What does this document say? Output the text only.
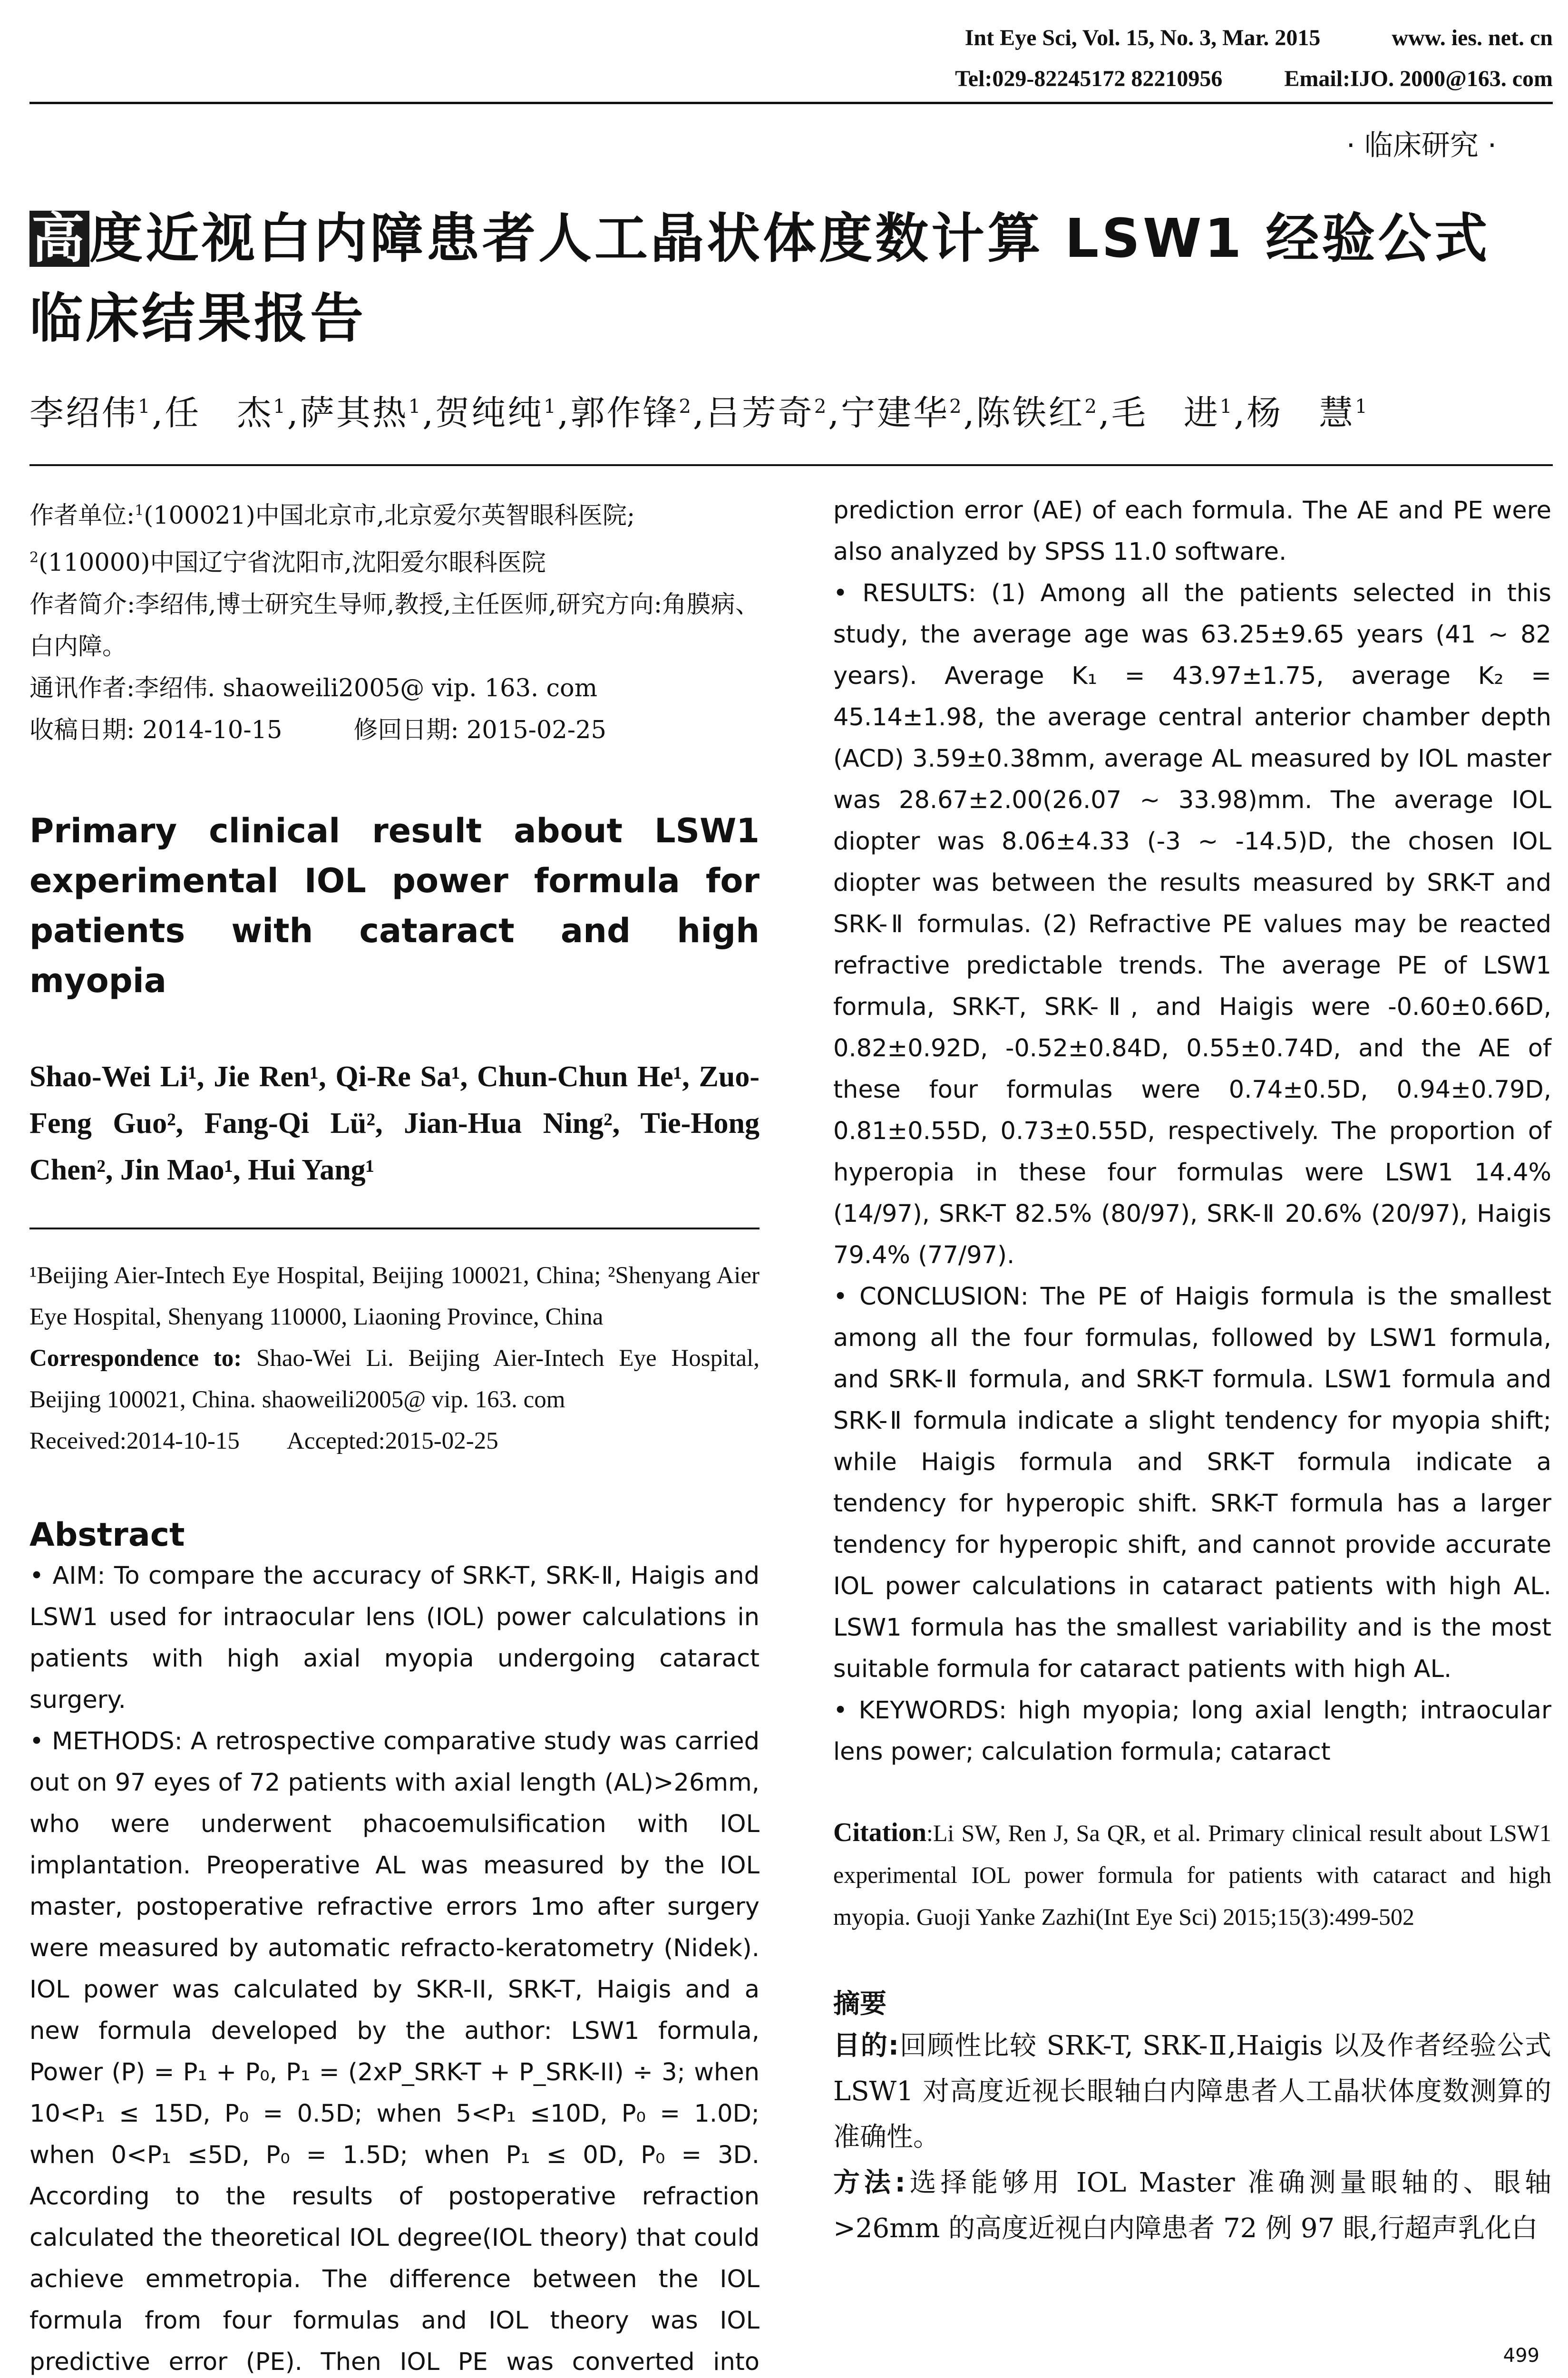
Int Eye Sci, Vol. 15, No. 3, Mar. 2015	www. ies. net. cn
Tel:029-82245172 82210956	Email:IJO. 2000@163. com
· 临床研究 ·
高度近视白内障患者人工晶状体度数计算 LSW1 经验公式临床结果报告
李绍伟$^1$,任　杰$^1$,萨其热$^1$,贺纯纯$^1$,郭作锋$^2$,吕芳奇$^2$,宁建华$^2$,陈铁红$^2$,毛　进$^1$,杨　慧$^1$

作者单位:$^1$(100021)中国北京市,北京爱尔英智眼科医院;

$^2$(110000)中国辽宁省沈阳市,沈阳爱尔眼科医院

作者简介:李绍伟,博士研究生导师,教授,主任医师,研究方向:角膜病、白内障。

通讯作者:李绍伟. shaoweili2005@ vip. 163. com

收稿日期: 2014-10-15	修回日期: 2015-02-25

Primary clinical result about LSW1 experimental IOL power formula for patients with cataract and high myopia
Shao-Wei Li¹, Jie Ren¹, Qi-Re Sa¹, Chun-Chun He¹, Zuo-Feng Guo², Fang-Qi Lü², Jian-Hua Ning², Tie-Hong Chen², Jin Mao¹, Hui Yang¹

¹Beijing Aier-Intech Eye Hospital, Beijing 100021, China; ²Shenyang Aier Eye Hospital, Shenyang 110000, Liaoning Province, China

Correspondence to: Shao-Wei Li. Beijing Aier-Intech Eye Hospital, Beijing 100021, China. shaoweili2005@ vip. 163. com

Received:2014-10-15        Accepted:2015-02-25

Abstract

• AIM: To compare the accuracy of SRK-T, SRK-Ⅱ, Haigis and LSW1 used for intraocular lens (IOL) power calculations in patients with high axial myopia undergoing cataract surgery.

• METHODS: A retrospective comparative study was carried out on 97 eyes of 72 patients with axial length (AL)>26mm, who were underwent phacoemulsification with IOL implantation. Preoperative AL was measured by the IOL master, postoperative refractive errors 1mo after surgery were measured by automatic refracto-keratometry (Nidek). IOL power was calculated by SKR-II, SRK-T, Haigis and a new formula developed by the author: LSW1 formula, Power (P) = P₁ + P₀, P₁ = (2xP_SRK-T + P_SRK-II) ÷ 3; when 10<P₁ ≤ 15D, P₀ = 0.5D; when 5<P₁ ≤10D, P₀ = 1.0D; when 0<P₁ ≤5D, P₀ = 1.5D; when P₁ ≤ 0D, P₀ = 3D. According to the results of postoperative refraction calculated the theoretical IOL degree(IOL theory) that could achieve emmetropia. The difference between the IOL formula from four formulas and IOL theory was IOL predictive error (PE). Then IOL PE was converted into

prediction error (AE) of each formula. The AE and PE were also analyzed by SPSS 11.0 software.

• RESULTS: (1) Among all the patients selected in this study, the average age was 63.25±9.65 years (41 ~ 82 years). Average K₁ = 43.97±1.75, average K₂ = 45.14±1.98, the average central anterior chamber depth (ACD) 3.59±0.38mm, average AL measured by IOL master was 28.67±2.00(26.07 ~ 33.98)mm. The average IOL diopter was 8.06±4.33 (-3 ~ -14.5)D, the chosen IOL diopter was between the results measured by SRK-T and SRK-Ⅱ formulas. (2) Refractive PE values may be reacted refractive predictable trends. The average PE of LSW1 formula, SRK-T, SRK-Ⅱ, and Haigis were -0.60±0.66D, 0.82±0.92D, -0.52±0.84D, 0.55±0.74D, and the AE of these four formulas were 0.74±0.5D, 0.94±0.79D, 0.81±0.55D, 0.73±0.55D, respectively. The proportion of hyperopia in these four formulas were LSW1 14.4% (14/97), SRK-T 82.5% (80/97), SRK-Ⅱ 20.6% (20/97), Haigis 79.4% (77/97).

• CONCLUSION: The PE of Haigis formula is the smallest among all the four formulas, followed by LSW1 formula, and SRK-Ⅱ formula, and SRK-T formula. LSW1 formula and SRK-Ⅱ formula indicate a slight tendency for myopia shift; while Haigis formula and SRK-T formula indicate a tendency for hyperopic shift. SRK-T formula has a larger tendency for hyperopic shift, and cannot provide accurate IOL power calculations in cataract patients with high AL. LSW1 formula has the smallest variability and is the most suitable formula for cataract patients with high AL.

• KEYWORDS: high myopia; long axial length; intraocular lens power; calculation formula; cataract

Citation:Li SW, Ren J, Sa QR, et al. Primary clinical result about LSW1 experimental IOL power formula for patients with cataract and high myopia. Guoji Yanke Zazhi(Int Eye Sci) 2015;15(3):499-502
摘要

目的:回顾性比较 SRK-T, SRK-Ⅱ,Haigis 以及作者经验公式 LSW1 对高度近视长眼轴白内障患者人工晶状体度数测算的准确性。

方法:选择能够用 IOL Master 准确测量眼轴的、眼轴>26mm 的高度近视白内障患者 72 例 97 眼,行超声乳化白

499
